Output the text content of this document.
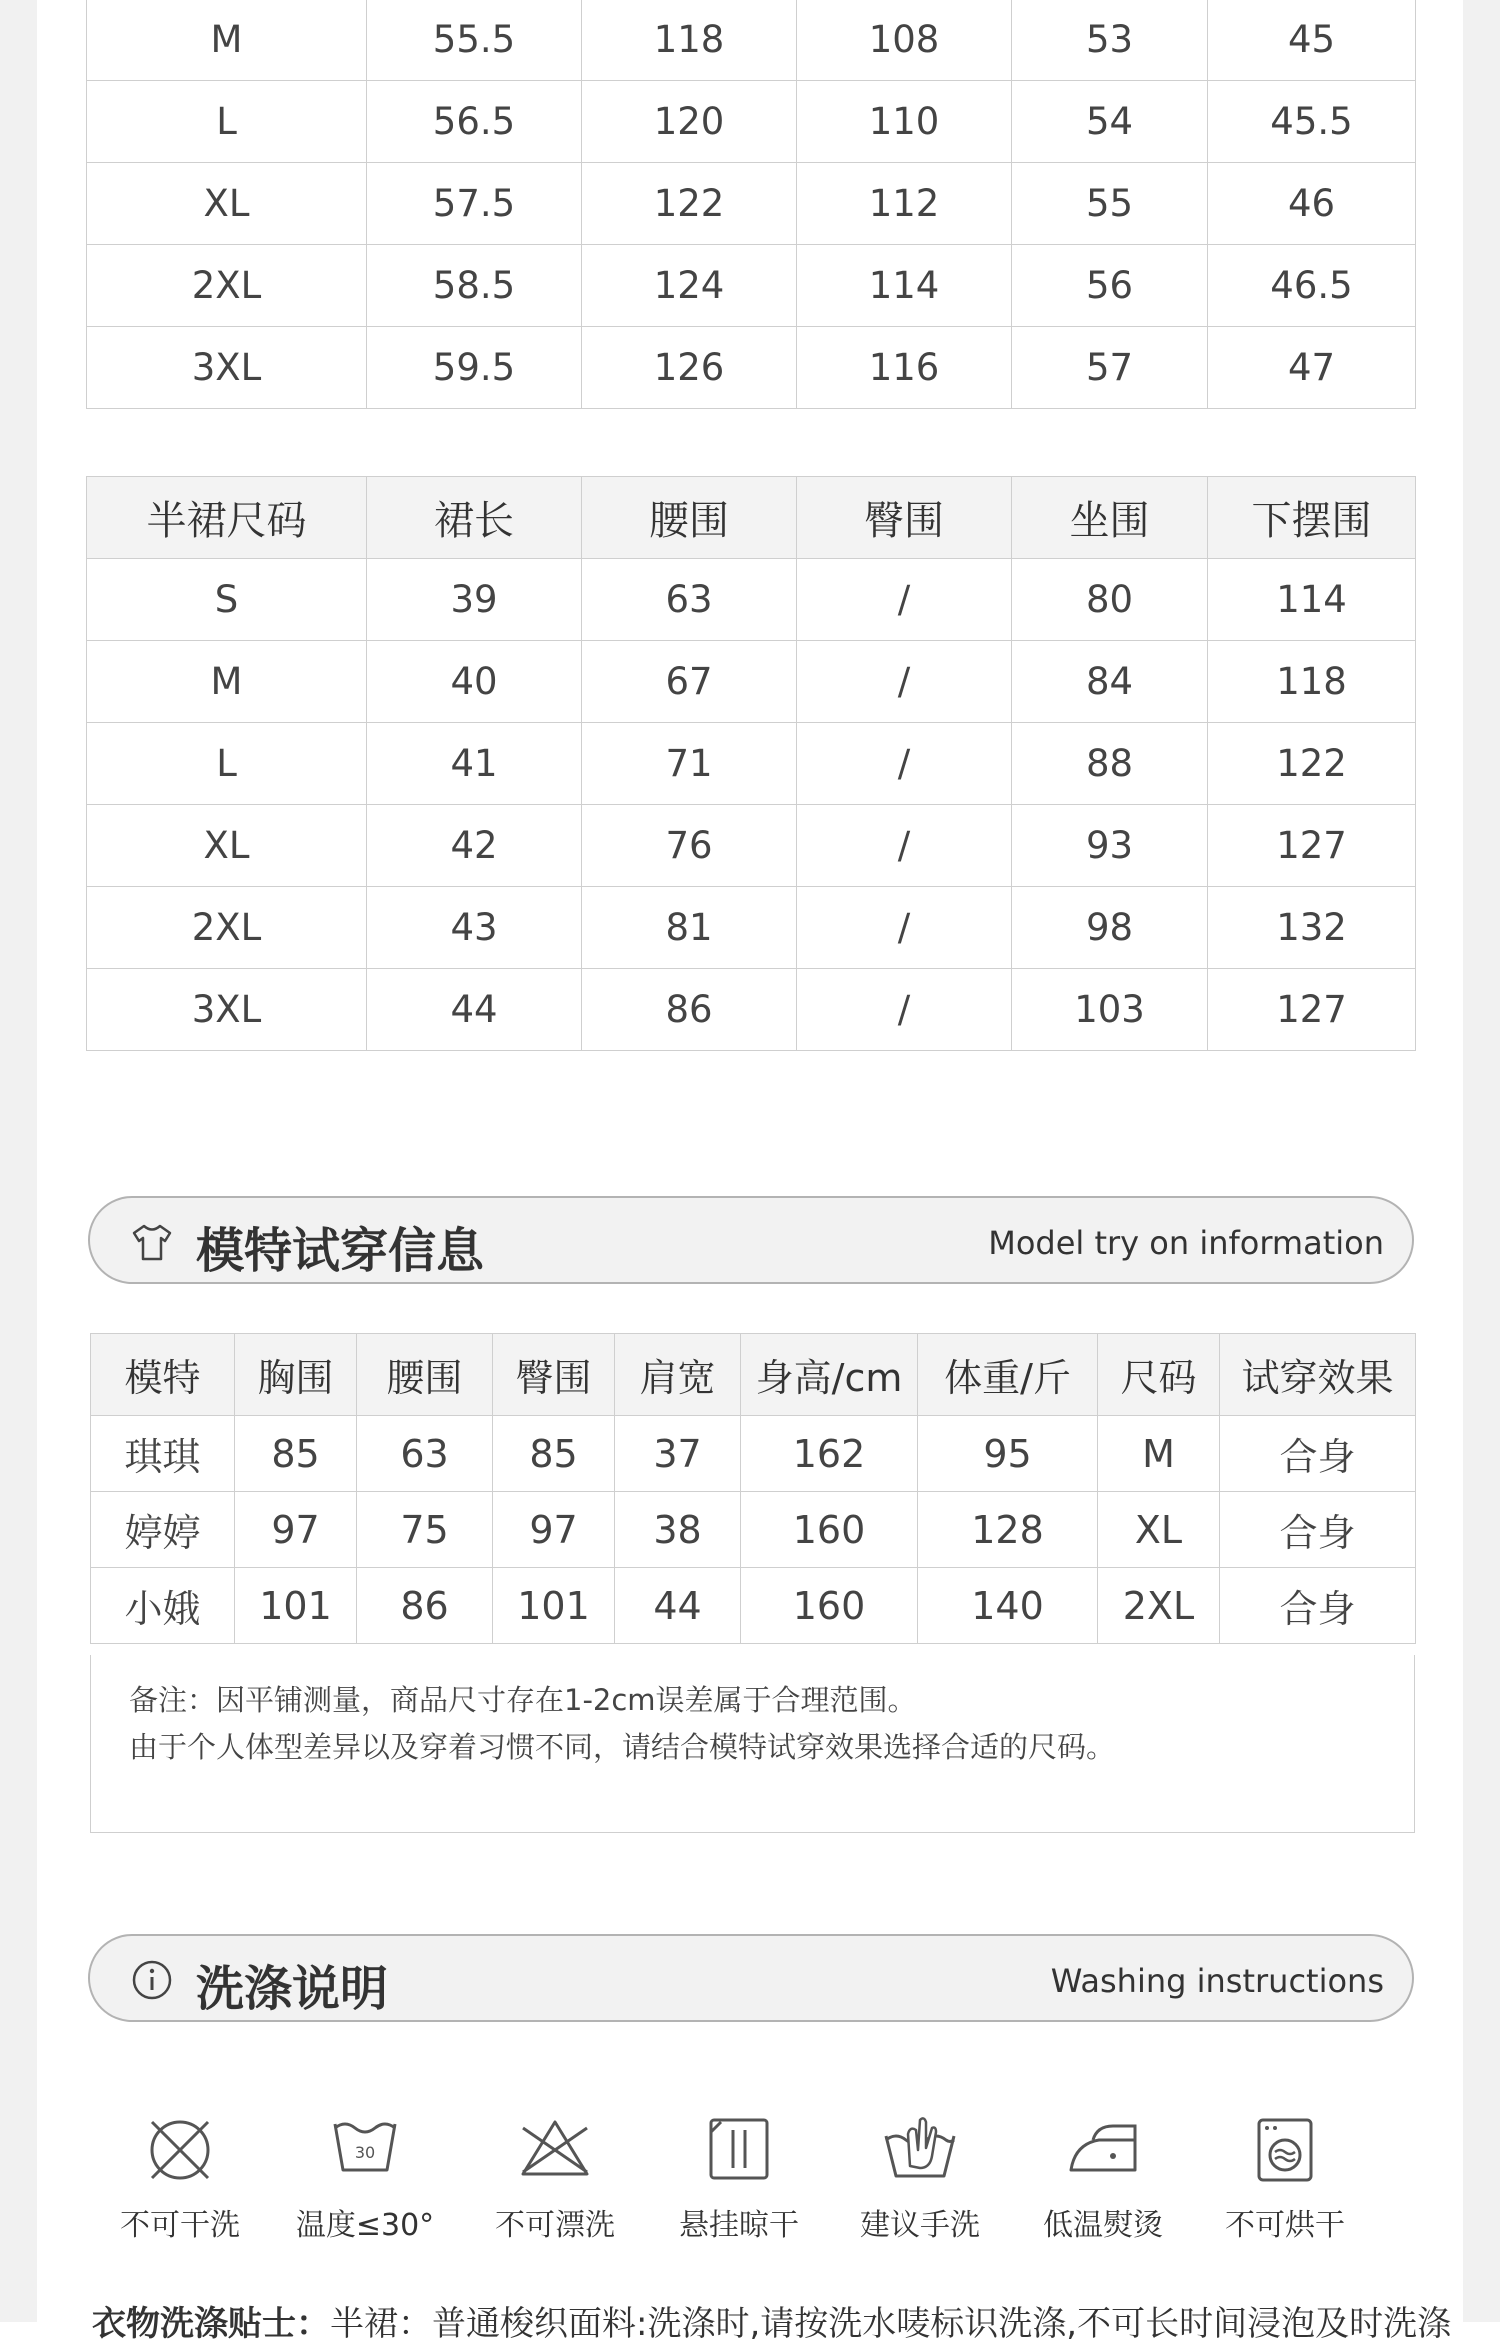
M	55.5	118	108	53	45
L	56.5	120	110	54	45.5
XL	57.5	122	112	55	46
2XL	58.5	124	114	56	46.5
3XL	59.5	126	116	57	47
半裙尺码	裙长	腰围	臀围	坐围	下摆围
S	39	63	/	80	114
M	40	67	/	84	118
L	41	71	/	88	122
XL	42	76	/	93	127
2XL	43	81	/	98	132
3XL	44	86	/	103	127
模特试穿信息	Model try on information
模特	胸围	腰围	臀围	肩宽	身高/cm	体重/斤	尺码	试穿效果
琪琪	85	63	85	37	162	95	M	合身
婷婷	97	75	97	38	160	128	XL	合身
小娥	101	86	101	44	160	140	2XL	合身
备注：因平铺测量，商品尺寸存在1-2cm误差属于合理范围。
由于个人体型差异以及穿着习惯不同，请结合模特试穿效果选择合适的尺码。
洗涤说明	Washing instructions
不可干洗
30
温度≤30°	不可漂洗	悬挂晾干	建议手洗	低温熨烫	不可烘干
衣物洗涤贴士：半裙：普通梭织面料:洗涤时,请按洗水唛标识洗涤,不可长时间浸泡及时洗涤
